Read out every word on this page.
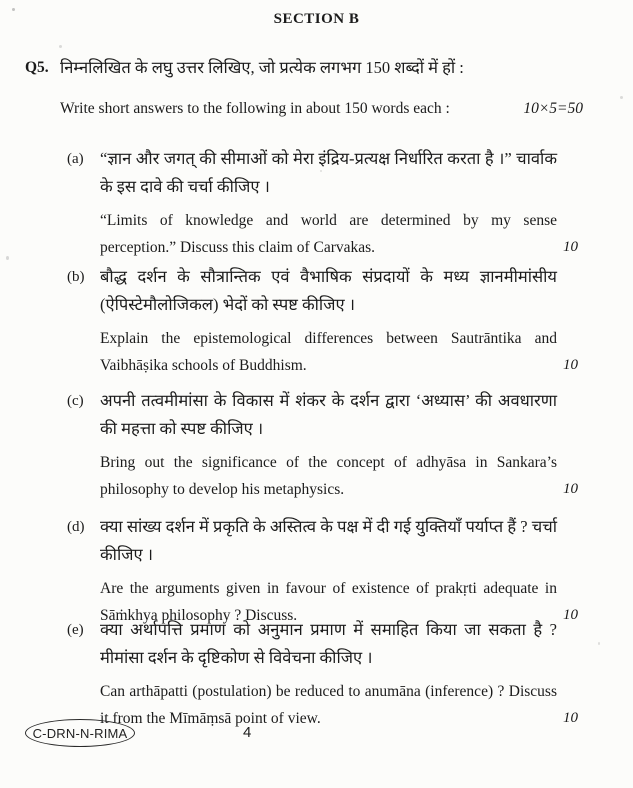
SECTION B
Q5. निम्नलिखित के लघु उत्तर लिखिए, जो प्रत्येक लगभग 150 शब्दों में हों :
Write short answers to the following in about 150 words each :	10×5=50
(a) “ज्ञान और जगत् की सीमाओं को मेरा इंद्रिय-प्रत्यक्ष निर्धारित करता है ।” चार्वाक के इस दावे की चर्चा कीजिए ।

“Limits of knowledge and world are determined by my sense perception.” Discuss this claim of Carvakas.	10
(b) बौद्ध दर्शन के सौत्रान्तिक एवं वैभाषिक संप्रदायों के मध्य ज्ञानमीमांसीय (ऐपिस्टेमौलोजिकल) भेदों को स्पष्ट कीजिए ।

Explain the epistemological differences between Sautrāntika and Vaibhāṣika schools of Buddhism.	10
(c) अपनी तत्वमीमांसा के विकास में शंकर के दर्शन द्वारा ‘अध्यास’ की अवधारणा की महत्ता को स्पष्ट कीजिए ।

Bring out the significance of the concept of adhyāsa in Sankara’s philosophy to develop his metaphysics.	10
(d) क्या सांख्य दर्शन में प्रकृति के अस्तित्व के पक्ष में दी गई युक्तियाँ पर्याप्त हैं ? चर्चा कीजिए ।

Are the arguments given in favour of existence of prakṛti adequate in Sāṁkhya philosophy ? Discuss.	10
(e) क्या अर्थापत्ति प्रमाण को अनुमान प्रमाण में समाहित किया जा सकता है ? मीमांसा दर्शन के दृष्टिकोण से विवेचना कीजिए ।

Can arthāpatti (postulation) be reduced to anumāna (inference) ? Discuss it from the Mīmāṃsā point of view.	10
C-DRN-N-RIMA	4
